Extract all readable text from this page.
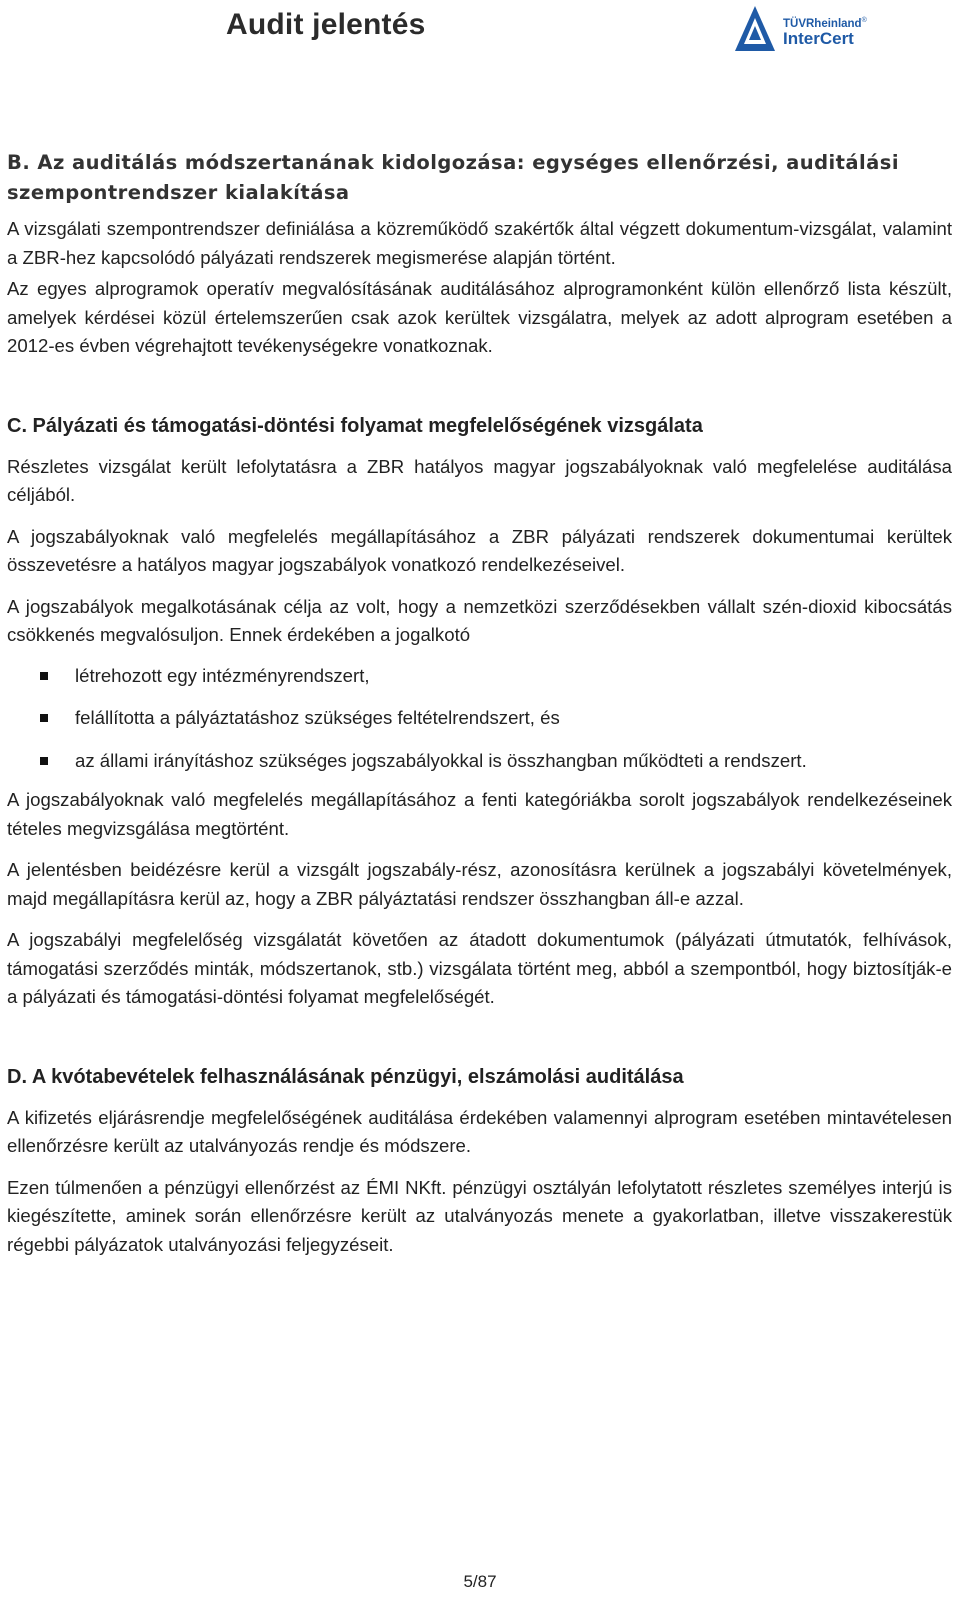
Audit jelentés	TÜVRheinland®
InterCert
B. Az auditálás módszertanának kidolgozása: egységes ellenőrzési, auditálási szempontrendszer kialakítása

A vizsgálati szempontrendszer definiálása a közreműködő szakértők által végzett dokumentum-vizsgálat, valamint a ZBR-hez kapcsolódó pályázati rendszerek megismerése alapján történt.

Az egyes alprogramok operatív megvalósításának auditálásához alprogramonként külön ellenőrző lista készült, amelyek kérdései közül értelemszerűen csak azok kerültek vizsgálatra, melyek az adott alprogram esetében a 2012-es évben végrehajtott tevékenységekre vonatkoznak.

C. Pályázati és támogatási-döntési folyamat megfelelőségének vizsgálata

Részletes vizsgálat került lefolytatásra a ZBR hatályos magyar jogszabályoknak való megfelelése auditálása céljából.

A jogszabályoknak való megfelelés megállapításához a ZBR pályázati rendszerek dokumentumai kerültek összevetésre a hatályos magyar jogszabályok vonatkozó rendelkezéseivel.

A jogszabályok megalkotásának célja az volt, hogy a nemzetközi szerződésekben vállalt szén-dioxid kibocsátás csökkenés megvalósuljon. Ennek érdekében a jogalkotó

létrehozott egy intézményrendszert,
felállította a pályáztatáshoz szükséges feltételrendszert, és
az állami irányításhoz szükséges jogszabályokkal is összhangban működteti a rendszert.

A jogszabályoknak való megfelelés megállapításához a fenti kategóriákba sorolt jogszabályok rendelkezéseinek tételes megvizsgálása megtörtént.

A jelentésben beidézésre kerül a vizsgált jogszabály-rész, azonosításra kerülnek a jogszabályi követelmények, majd megállapításra kerül az, hogy a ZBR pályáztatási rendszer összhangban áll-e azzal.

A jogszabályi megfelelőség vizsgálatát követően az átadott dokumentumok (pályázati útmutatók, felhívások, támogatási szerződés minták, módszertanok, stb.) vizsgálata történt meg, abból a szempontból, hogy biztosítják-e a pályázati és támogatási-döntési folyamat megfelelőségét.

D. A kvótabevételek felhasználásának pénzügyi, elszámolási auditálása

A kifizetés eljárásrendje megfelelőségének auditálása érdekében valamennyi alprogram esetében mintavételesen ellenőrzésre került az utalványozás rendje és módszere.

Ezen túlmenően a pénzügyi ellenőrzést az ÉMI NKft. pénzügyi osztályán lefolytatott részletes személyes interjú is kiegészítette, aminek során ellenőrzésre került az utalványozás menete a gyakorlatban, illetve visszakerestük régebbi pályázatok utalványozási feljegyzéseit.

5/87
